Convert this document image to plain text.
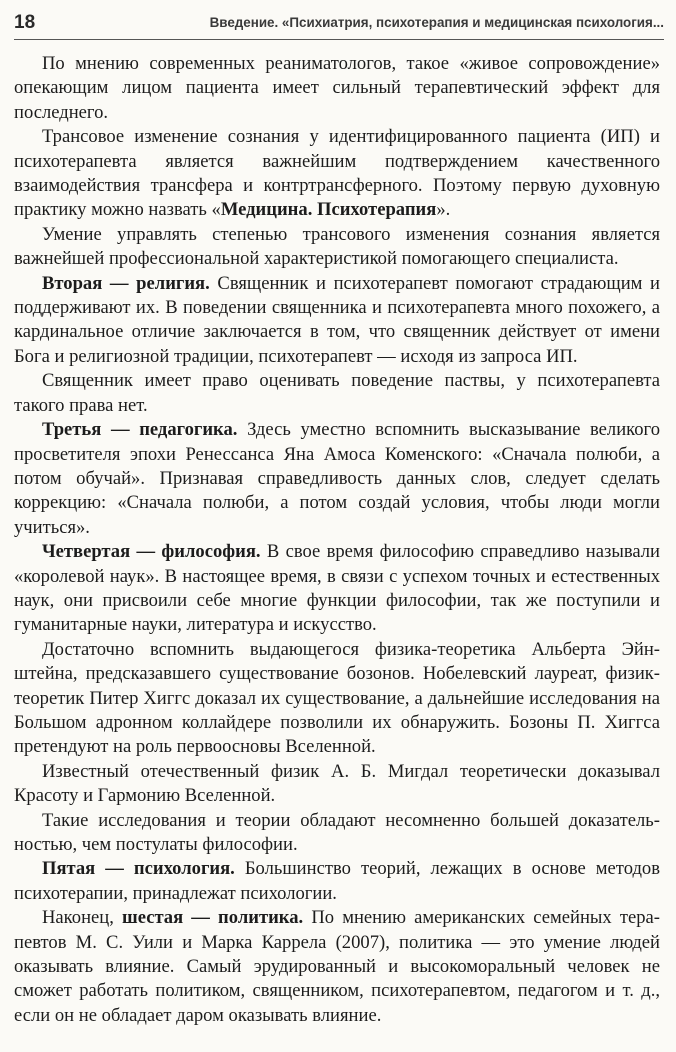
18	Введение. «Психиатрия, психотерапия и медицинская психология...

По мнению современных реаниматологов, такое «живое сопровождение» опекающим лицом пациента имеет сильный терапевтический эффект для последнего.

Трансовое изменение сознания у идентифицированного пациента (ИП) и психотерапевта является важнейшим подтверждением качественного взаимодействия трансфера и контртрансферного. Поэтому первую духовную практику можно назвать «Медицина. Психотерапия».

Умение управлять степенью трансового изменения сознания является важнейшей профессиональной характеристикой помогающего специалиста.

Вторая — религия. Священник и психотерапевт помогают страдающим и поддерживают их. В поведении священника и психотерапевта много похожего, а кардинальное отличие заключается в том, что священник действует от имени Бога и религиозной традиции, психотерапевт — исходя из запроса ИП.

Священник имеет право оценивать поведение паствы, у психотерапевта такого права нет.

Третья — педагогика. Здесь уместно вспомнить высказывание великого просветителя эпохи Ренессанса Яна Амоса Коменского: «Сначала полюби, а потом обучай». Признавая справедливость данных слов, следует сделать коррекцию: «Сначала полюби, а потом создай условия, чтобы люди могли учиться».

Четвертая — философия. В свое время философию справедливо называли «королевой наук». В настоящее время, в связи с успехом точных и естественных наук, они присвоили себе многие функции философии, так же поступили и гуманитарные науки, литература и искусство.

Достаточно вспомнить выдающегося физика-теоретика Альберта Эйнштейна, предсказавшего существование бозонов. Нобелевский лауреат, физик-теоретик Питер Хиггс доказал их существование, а дальнейшие исследования на Большом адронном коллайдере позволили их обнаружить. Бозоны П. Хиггса претендуют на роль первоосновы Вселенной.

Известный отечественный физик А. Б. Мигдал теоретически доказывал Красоту и Гармонию Вселенной.

Такие исследования и теории обладают несомненно большей доказательностью, чем постулаты философии.

Пятая — психология. Большинство теорий, лежащих в основе методов психотерапии, принадлежат психологии.

Наконец, шестая — политика. По мнению американских семейных терапевтов М. С. Уили и Марка Каррела (2007), политика — это умение людей оказывать влияние. Самый эрудированный и высокоморальный человек не сможет работать политиком, священником, психотерапевтом, педагогом и т. д., если он не обладает даром оказывать влияние.
